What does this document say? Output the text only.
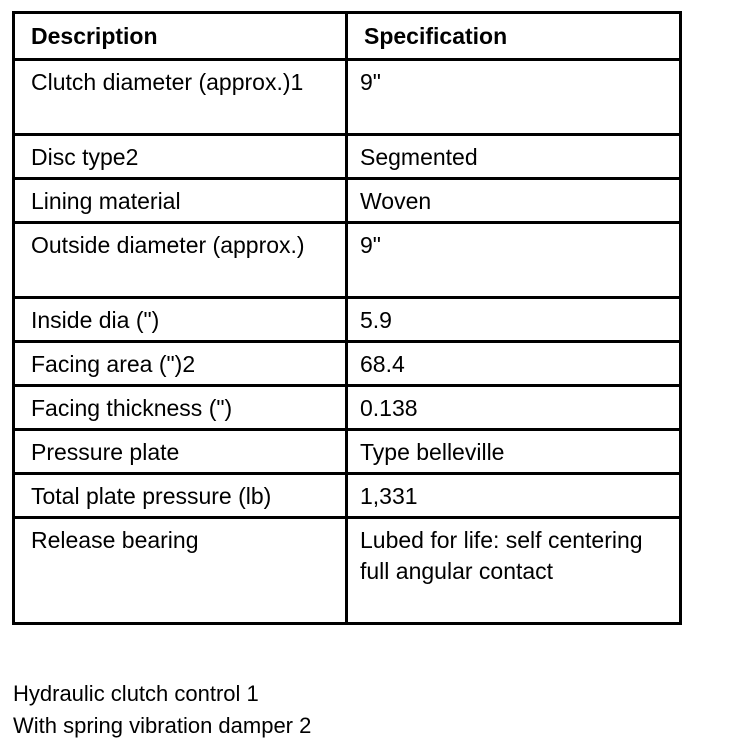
Description	Specification
Clutch diameter (approx.)1	9"
Disc type2	Segmented
Lining material	Woven
Outside diameter (approx.)	9"
Inside dia (")	5.9
Facing area (")2	68.4
Facing thickness (")	0.138
Pressure plate	Type belleville
Total plate pressure (lb)	1,331
Release bearing	Lubed for life: self centering full angular contact
Hydraulic clutch control 1
With spring vibration damper 2
